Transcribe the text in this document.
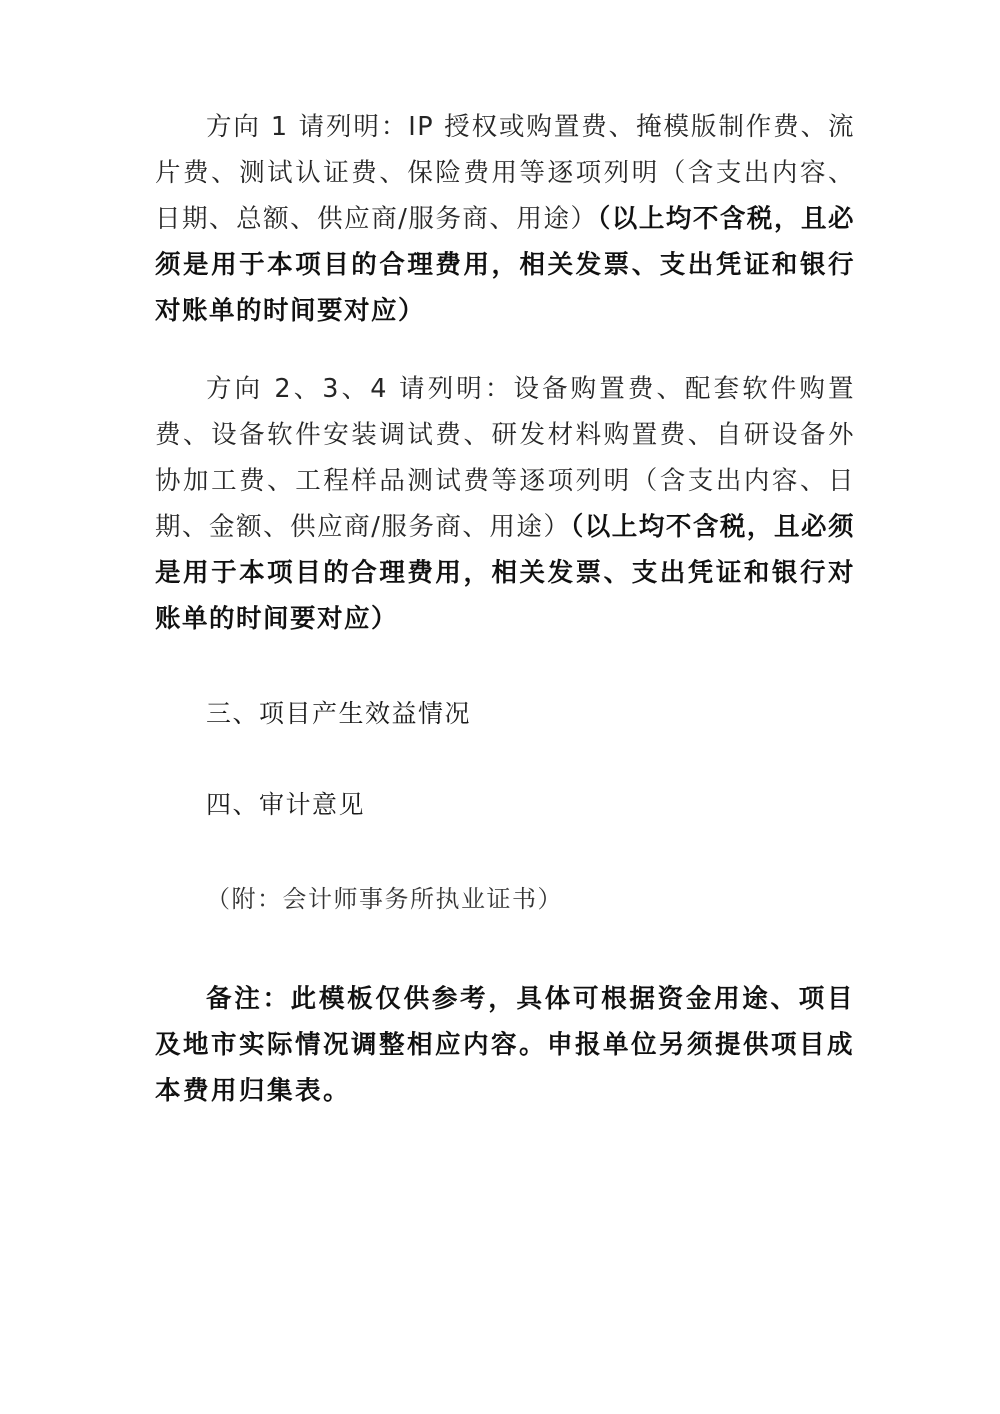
方向 1 请列明：IP 授权或购置费、掩模版制作费、流片费、测试认证费、保险费用等逐项列明（含支出内容、日期、总额、供应商/服务商、用途）（以上均不含税，且必须是用于本项目的合理费用，相关发票、支出凭证和银行对账单的时间要对应）

方向 2、3、4 请列明：设备购置费、配套软件购置费、设备软件安装调试费、研发材料购置费、自研设备外协加工费、工程样品测试费等逐项列明（含支出内容、日期、金额、供应商/服务商、用途）（以上均不含税，且必须是用于本项目的合理费用，相关发票、支出凭证和银行对账单的时间要对应）

三、项目产生效益情况
四、审计意见
（附：会计师事务所执业证书）

备注：此模板仅供参考，具体可根据资金用途、项目及地市实际情况调整相应内容。申报单位另须提供项目成本费用归集表。
